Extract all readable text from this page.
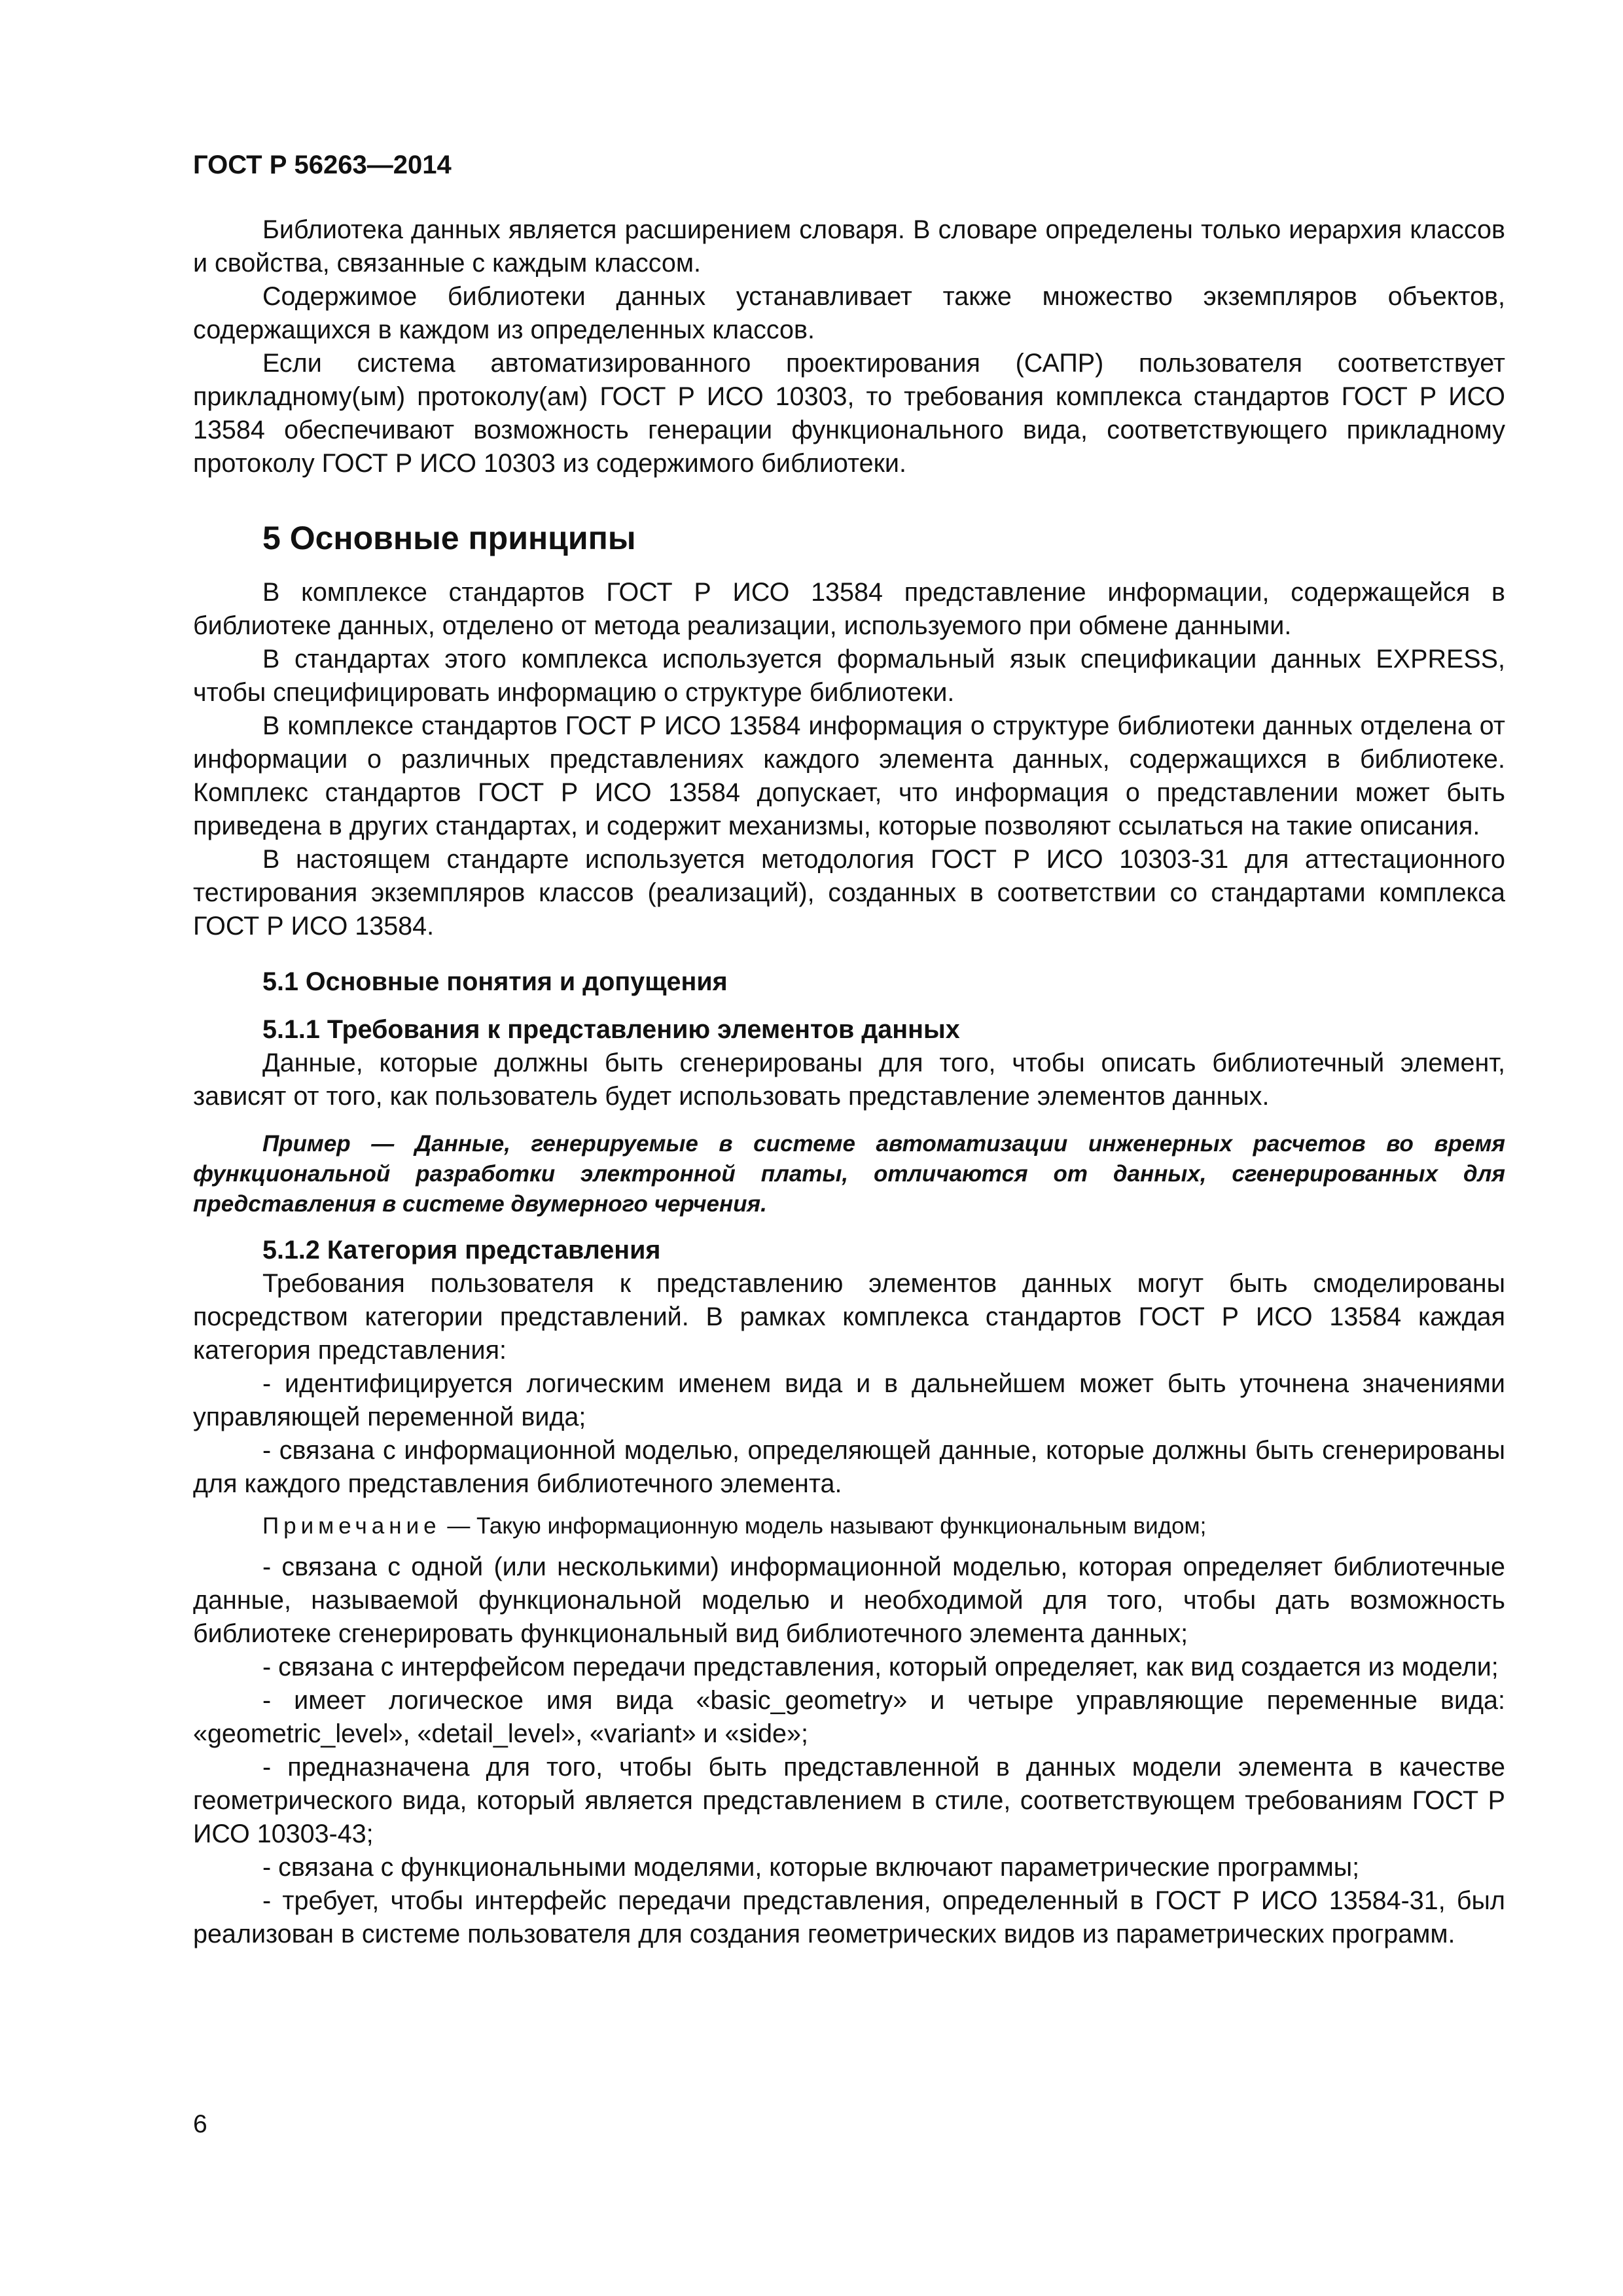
ГОСТ Р 56263—2014

Библиотека данных является расширением словаря. В словаре определены только иерархия классов и свойства, связанные с каждым классом.

Содержимое библиотеки данных устанавливает также множество экземпляров объектов, содержащихся в каждом из определенных классов.

Если система автоматизированного проектирования (САПР) пользователя соответствует прикладному(ым) протоколу(ам) ГОСТ Р ИСО 10303, то требования комплекса стандартов ГОСТ Р ИСО 13584 обеспечивают возможность генерации функционального вида, соответствующего прикладному протоколу ГОСТ Р ИСО 10303 из содержимого библиотеки.

5 Основные принципы

В комплексе стандартов ГОСТ Р ИСО 13584 представление информации, содержащейся в библиотеке данных, отделено от метода реализации, используемого при обмене данными.

В стандартах этого комплекса используется формальный язык спецификации данных EXPRESS, чтобы специфицировать информацию о структуре библиотеки.

В комплексе стандартов ГОСТ Р ИСО 13584 информация о структуре библиотеки данных отделена от информации о различных представлениях каждого элемента данных, содержащихся в библиотеке. Комплекс стандартов ГОСТ Р ИСО 13584 допускает, что информация о представлении может быть приведена в других стандартах, и содержит механизмы, которые позволяют ссылаться на такие описания.

В настоящем стандарте используется методология ГОСТ Р ИСО 10303-31 для аттестационного тестирования экземпляров классов (реализаций), созданных в соответствии со стандартами комплекса ГОСТ Р ИСО 13584.

5.1 Основные понятия и допущения
5.1.1 Требования к представлению элементов данных

Данные, которые должны быть сгенерированы для того, чтобы описать библиотечный элемент, зависят от того, как пользователь будет использовать представление элементов данных.

Пример — Данные, генерируемые в системе автоматизации инженерных расчетов во время функциональной разработки электронной платы, отличаются от данных, сгенерированных для представления в системе двумерного черчения.
5.1.2 Категория представления

Требования пользователя к представлению элементов данных могут быть смоделированы посредством категории представлений. В рамках комплекса стандартов ГОСТ Р ИСО 13584 каждая категория представления:

- идентифицируется логическим именем вида и в дальнейшем может быть уточнена значениями управляющей переменной вида;

- связана с информационной моделью, определяющей данные, которые должны быть сгенерированы для каждого представления библиотечного элемента.

Примечание — Такую информационную модель называют функциональным видом;

- связана с одной (или несколькими) информационной моделью, которая определяет библиотечные данные, называемой функциональной моделью и необходимой для того, чтобы дать возможность библиотеке сгенерировать функциональный вид библиотечного элемента данных;

- связана с интерфейсом передачи представления, который определяет, как вид создается из модели;

- имеет логическое имя вида «basic_geometry» и четыре управляющие переменные вида: «geometric_level», «detail_level», «variant» и «side»;

- предназначена для того, чтобы быть представленной в данных модели элемента в качестве геометрического вида, который является представлением в стиле, соответствующем требованиям ГОСТ Р ИСО 10303-43;

- связана с функциональными моделями, которые включают параметрические программы;

- требует, чтобы интерфейс передачи представления, определенный в ГОСТ Р ИСО 13584-31, был реализован в системе пользователя для создания геометрических видов из параметрических программ.

6
